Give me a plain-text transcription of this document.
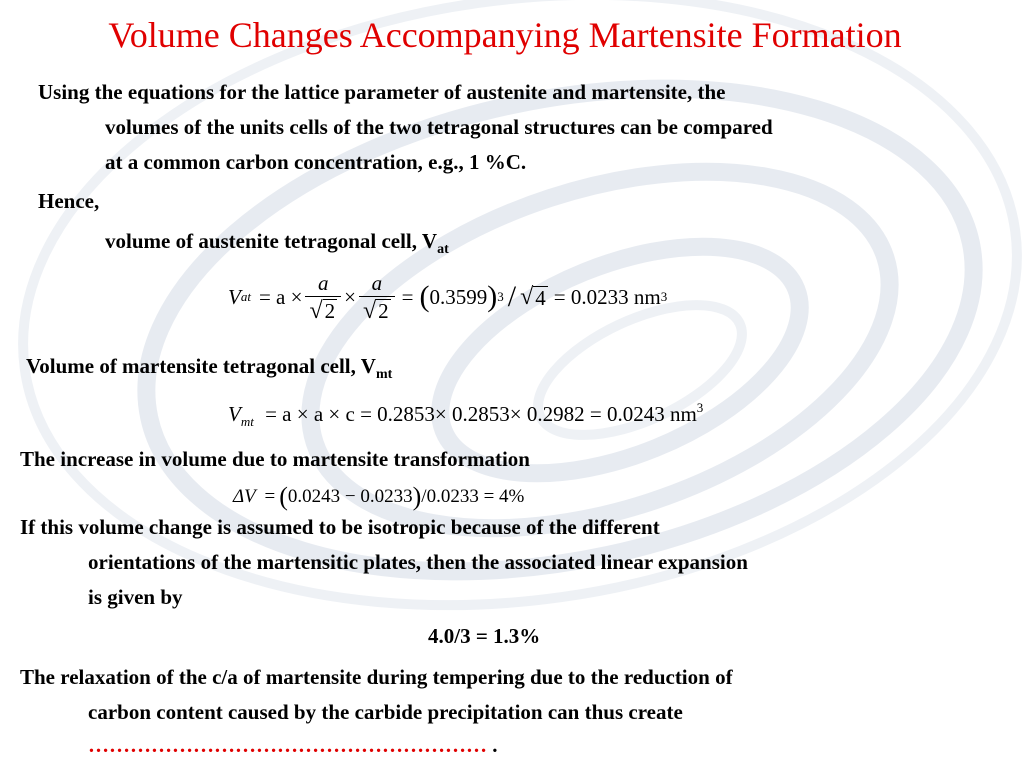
Volume Changes Accompanying Martensite Formation
Using the equations for the lattice parameter of austenite and martensite, the
volumes of the units cells of the two tetragonal structures can be compared
at a common carbon concentration, e.g., 1 %C.
Hence,
volume of austenite tetragonal cell, $V_{at}$
V at = $a \times \frac{a}{√2} \times \frac{a}{√2}$ = ( 0.3599 ) 3 / √ 4 = 0.0233 nm 3
Volume of martensite tetragonal cell, $V_{mt}$
$V_{mt} = a \times a \times c = 0.2853\times 0.2853\times 0.2982 = 0.0243$ $nm^3$
The increase in volume due to martensite transformation
ΔV = (0.0243 − 0.0233)/0.0233 = 4%
If this volume change is assumed to be isotropic because of the different
orientations of the martensitic plates, then the associated linear expansion
is given by
4.0/3 = 1.3%
The relaxation of the c/a of martensite during tempering due to the reduction of
carbon content caused by the carbide precipitation can thus create
………………………………………………… .
